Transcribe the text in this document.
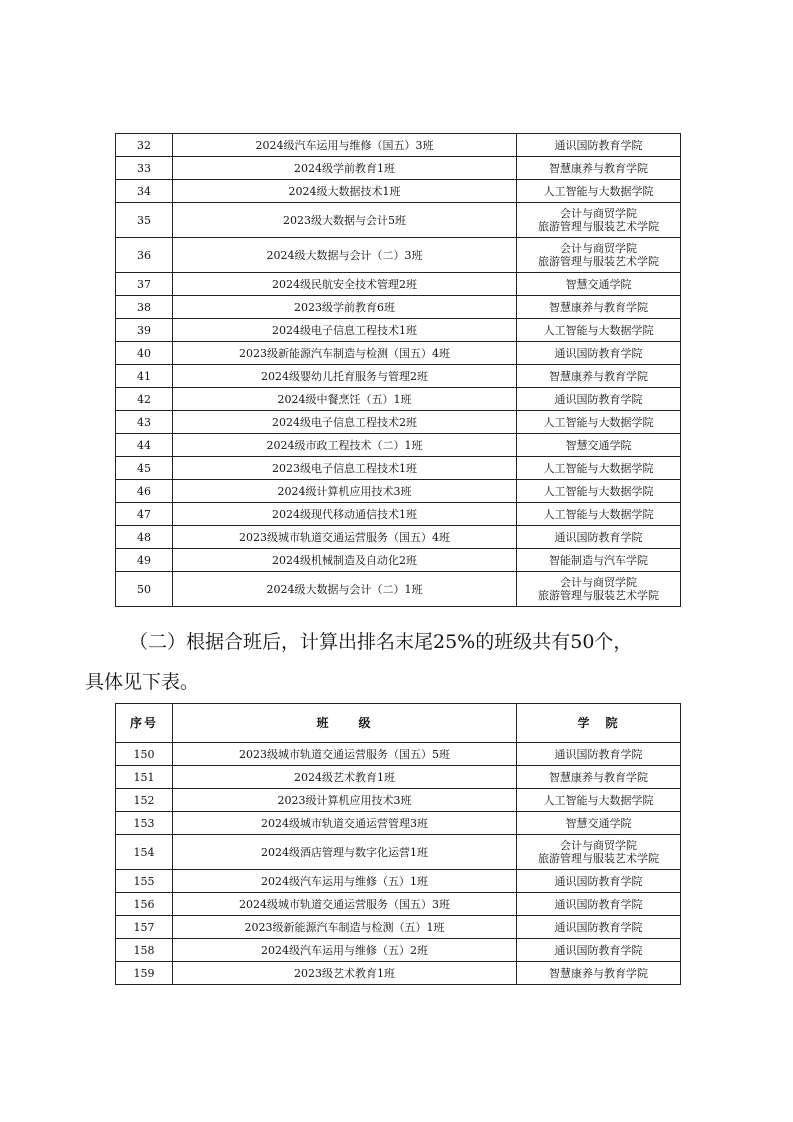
32	2024级汽车运用与维修（国五）3班	通识国防教育学院

33	2024级学前教育1班	智慧康养与教育学院

34	2024级大数据技术1班	人工智能与大数据学院

35	2023级大数据与会计5班	会计与商贸学院
旅游管理与服装艺术学院

36	2024级大数据与会计（二）3班	会计与商贸学院
旅游管理与服装艺术学院

37	2024级民航安全技术管理2班	智慧交通学院

38	2023级学前教育6班	智慧康养与教育学院

39	2024级电子信息工程技术1班	人工智能与大数据学院

40	2023级新能源汽车制造与检测（国五）4班	通识国防教育学院

41	2024级婴幼儿托育服务与管理2班	智慧康养与教育学院

42	2024级中餐烹饪（五）1班	通识国防教育学院

43	2024级电子信息工程技术2班	人工智能与大数据学院

44	2024级市政工程技术（二）1班	智慧交通学院

45	2023级电子信息工程技术1班	人工智能与大数据学院

46	2024级计算机应用技术3班	人工智能与大数据学院

47	2024级现代移动通信技术1班	人工智能与大数据学院

48	2023级城市轨道交通运营服务（国五）4班	通识国防教育学院

49	2024级机械制造及自动化2班	智能制造与汽车学院

50	2024级大数据与会计（二）1班	会计与商贸学院
旅游管理与服装艺术学院

（二）根据合班后，计算出排名末尾25%的班级共有50个，

具体见下表。

序号	班　　级	学　院
150	2023级城市轨道交通运营服务（国五）5班	通识国防教育学院

151	2024级艺术教育1班	智慧康养与教育学院

152	2023级计算机应用技术3班	人工智能与大数据学院

153	2024级城市轨道交通运营管理3班	智慧交通学院

154	2024级酒店管理与数字化运营1班	会计与商贸学院
旅游管理与服装艺术学院

155	2024级汽车运用与维修（五）1班	通识国防教育学院

156	2024级城市轨道交通运营服务（国五）3班	通识国防教育学院

157	2023级新能源汽车制造与检测（五）1班	通识国防教育学院

158	2024级汽车运用与维修（五）2班	通识国防教育学院

159	2023级艺术教育1班	智慧康养与教育学院
